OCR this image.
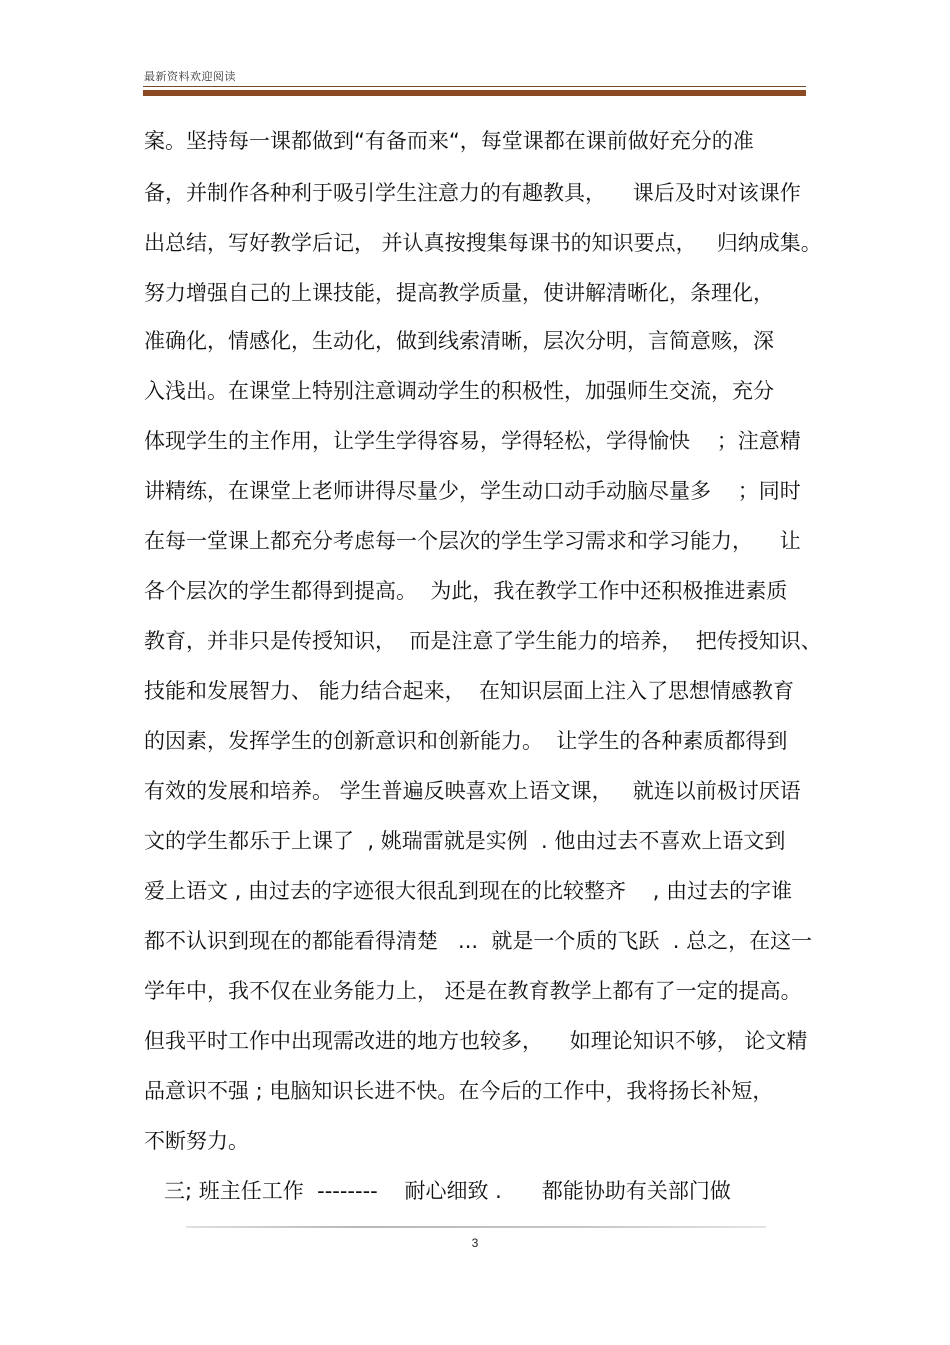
最新资料欢迎阅读
案。坚持每一课都做到“有备而来“，每堂课都在课前做好充分的准
备，并制作各种利于吸引学生注意力的有趣教具，    课后及时对该课作
出总结，写好教学后记， 并认真按搜集每课书的知识要点，   归纳成集。
努力增强自己的上课技能，提高教学质量，使讲解清晰化，条理化，
准确化，情感化，生动化，做到线索清晰，层次分明，言简意赅，深
入浅出。在课堂上特别注意调动学生的积极性，加强师生交流，充分
体现学生的主作用，让学生学得容易，学得轻松，学得愉快    ；注意精
讲精练，在课堂上老师讲得尽量少，学生动口动手动脑尽量多    ；同时
在每一堂课上都充分考虑每一个层次的学生学习需求和学习能力，    让
各个层次的学生都得到提高。  为此，我在教学工作中还积极推进素质
教育，并非只是传授知识，  而是注意了学生能力的培养，  把传授知识、
技能和发展智力、 能力结合起来，  在知识层面上注入了思想情感教育
的因素，发挥学生的创新意识和创新能力。  让学生的各种素质都得到
有效的发展和培养。 学生普遍反映喜欢上语文课，   就连以前极讨厌语
文的学生都乐于上课了  , 姚瑞雷就是实例  . 他由过去不喜欢上语文到
爱上语文 , 由过去的字迹很大很乱到现在的比较整齐    , 由过去的字谁
都不认识到现在的都能看得清楚   ...  就是一个质的飞跃  . 总之，在这一
学年中，我不仅在业务能力上， 还是在教育教学上都有了一定的提高。
但我平时工作中出现需改进的地方也较多，    如理论知识不够， 论文精
品意识不强 ; 电脑知识长进不快。在今后的工作中，我将扬长补短，
不断努力。
三; 班主任工作  --------    耐心细致 .      都能协助有关部门做
3
